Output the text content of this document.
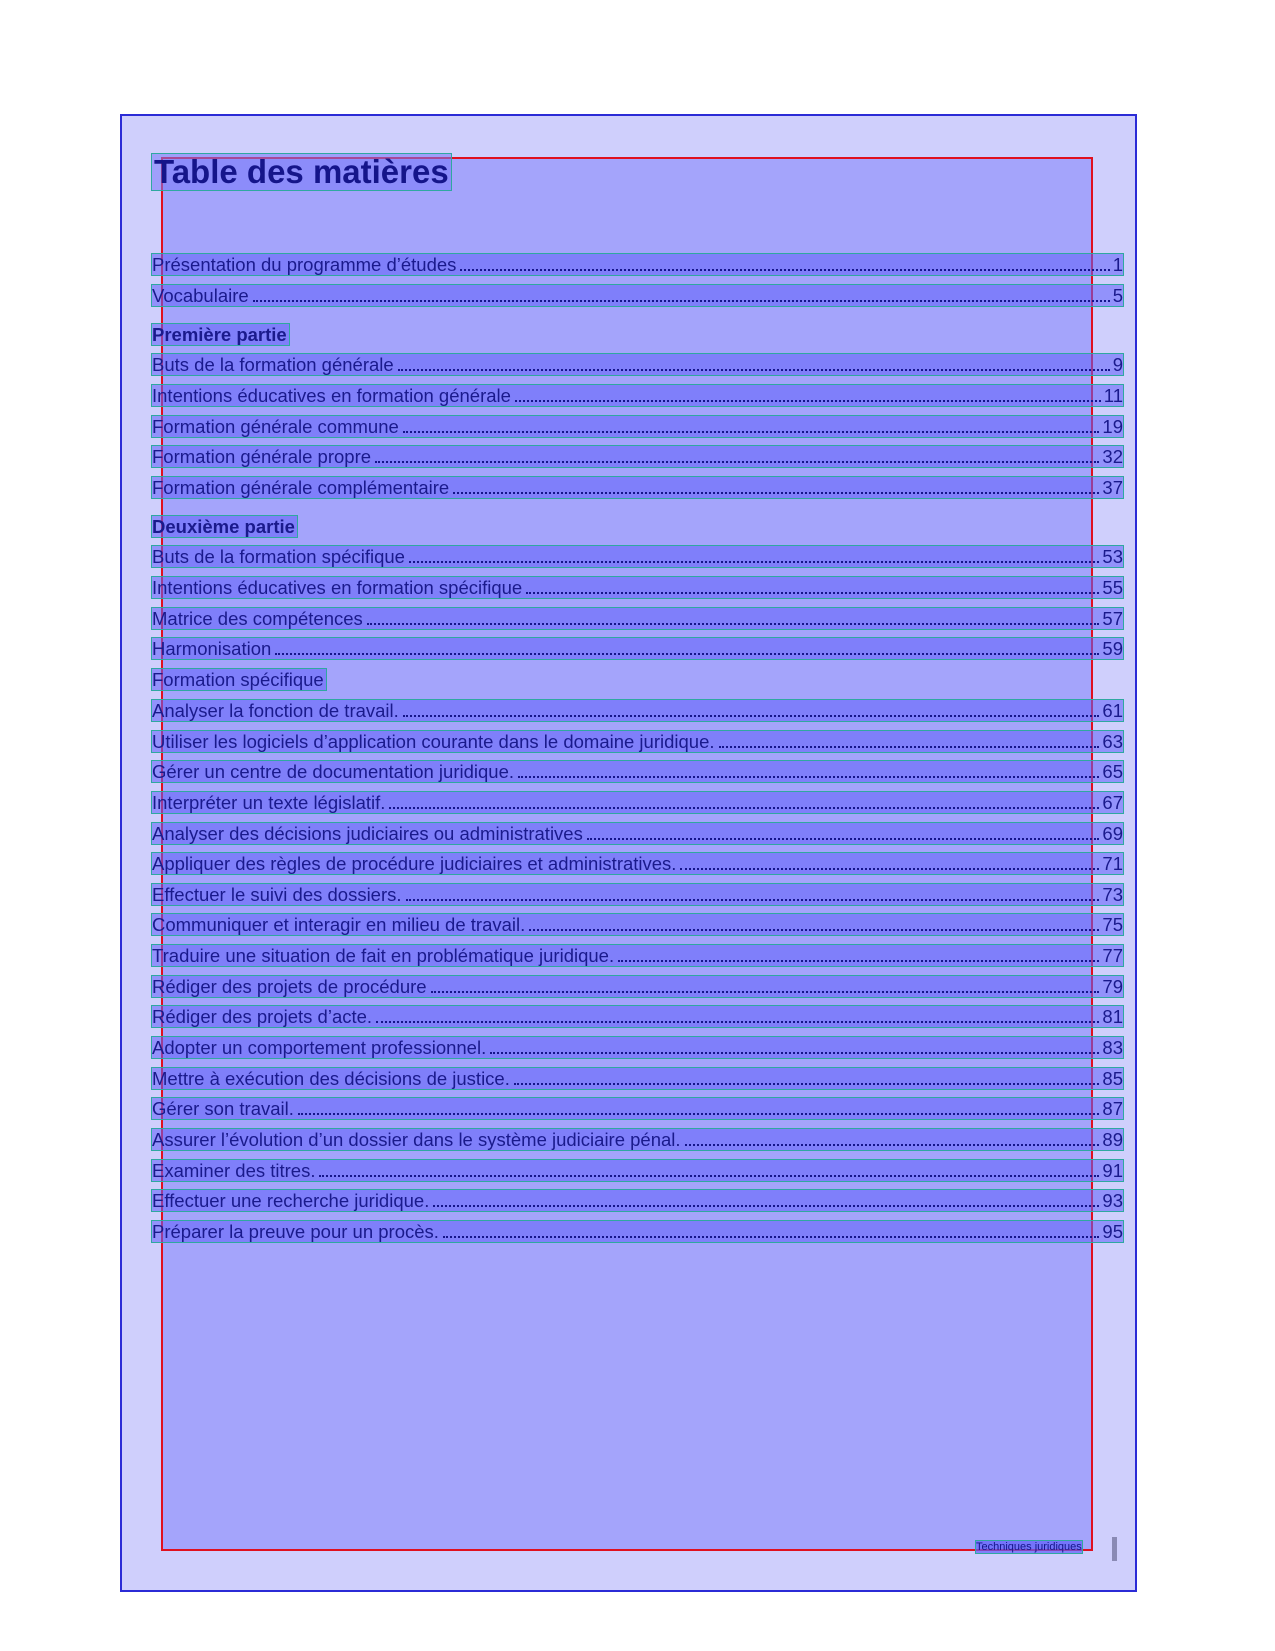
Table des matières
Présentation du programme d’études	1
Vocabulaire	5
Première partie
Buts de la formation générale	9
Intentions éducatives en formation générale	11
Formation générale commune	19
Formation générale propre	32
Formation générale complémentaire	37
Deuxième partie
Buts de la formation spécifique	53
Intentions éducatives en formation spécifique	55
Matrice des compétences	57
Harmonisation	59
Formation spécifique
Analyser la fonction de travail.	61
Utiliser les logiciels d’application courante dans le domaine juridique.	63
Gérer un centre de documentation juridique.	65
Interpréter un texte législatif.	67
Analyser des décisions judiciaires ou administratives	69
Appliquer des règles de procédure judiciaires et administratives.	71
Effectuer le suivi des dossiers.	73
Communiquer et interagir en milieu de travail.	75
Traduire une situation de fait en problématique juridique.	77
Rédiger des projets de procédure	79
Rédiger des projets d’acte.	81
Adopter un comportement professionnel.	83
Mettre à exécution des décisions de justice.	85
Gérer son travail.	87
Assurer l’évolution d’un dossier dans le système judiciaire pénal.	89
Examiner des titres.	91
Effectuer une recherche juridique.	93
Préparer la preuve pour un procès.	95
Techniques juridiques
